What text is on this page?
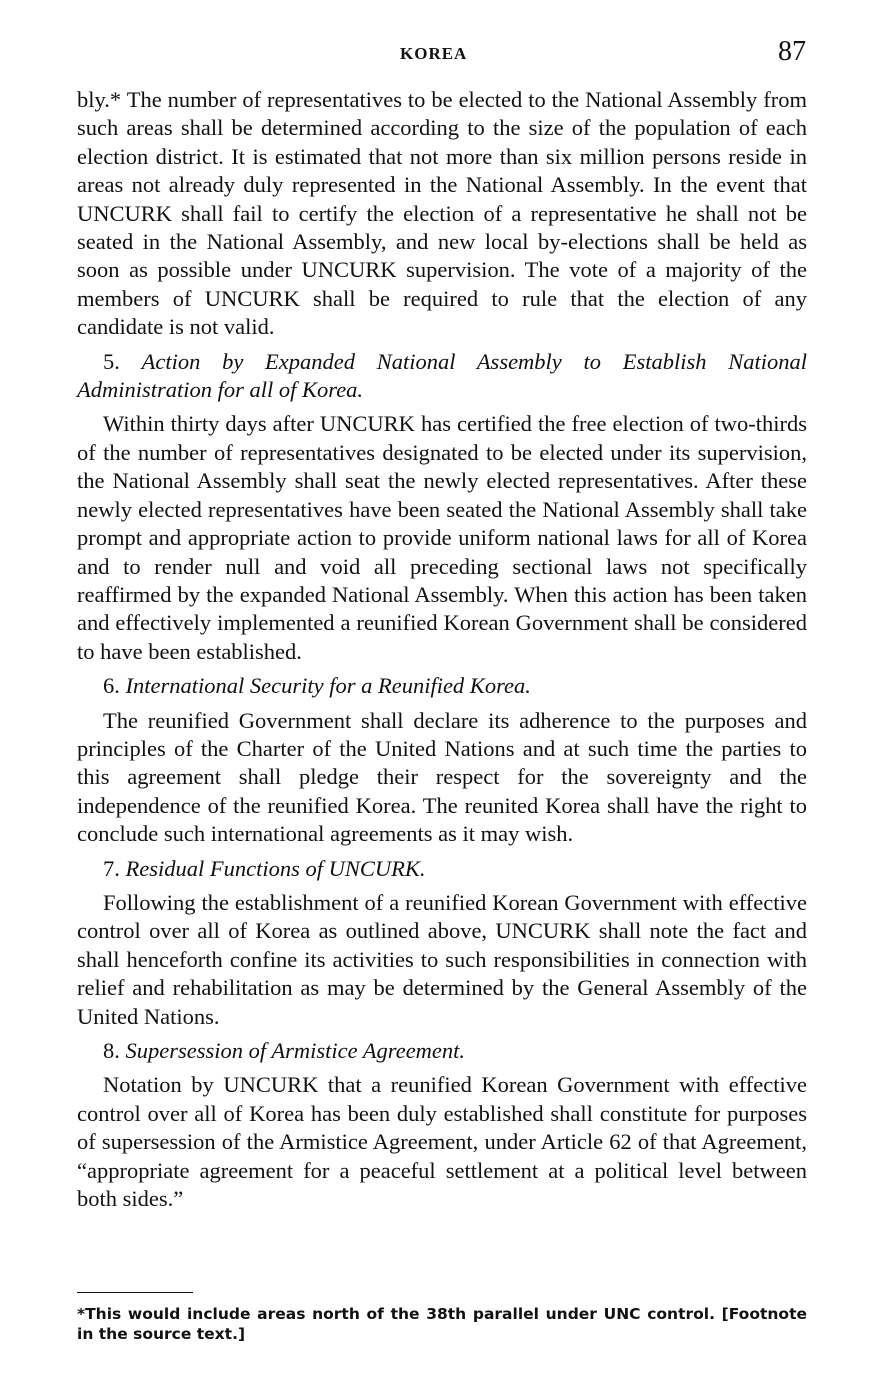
KOREA	87

bly.* The number of representatives to be elected to the National Assembly from such areas shall be determined according to the size of the population of each election district. It is estimated that not more than six million persons reside in areas not already duly represented in the National Assembly. In the event that UNCURK shall fail to certify the election of a representative he shall not be seated in the National Assembly, and new local by-elections shall be held as soon as possible under UNCURK supervision. The vote of a majority of the members of UNCURK shall be required to rule that the election of any candidate is not valid.

5. Action by Expanded National Assembly to Establish National Administration for all of Korea.

Within thirty days after UNCURK has certified the free election of two-thirds of the number of representatives designated to be elected under its supervision, the National Assembly shall seat the newly elected representatives. After these newly elected representatives have been seated the National Assembly shall take prompt and appropriate action to provide uniform national laws for all of Korea and to render null and void all preceding sectional laws not specifically reaffirmed by the expanded National Assembly. When this action has been taken and effectively implemented a reunified Korean Government shall be considered to have been established.

6. International Security for a Reunified Korea.

The reunified Government shall declare its adherence to the purposes and principles of the Charter of the United Nations and at such time the parties to this agreement shall pledge their respect for the sovereignty and the independence of the reunified Korea. The reunited Korea shall have the right to conclude such international agreements as it may wish.

7. Residual Functions of UNCURK.

Following the establishment of a reunified Korean Government with effective control over all of Korea as outlined above, UNCURK shall note the fact and shall henceforth confine its activities to such responsibilities in connection with relief and rehabilitation as may be determined by the General Assembly of the United Nations.

8. Supersession of Armistice Agreement.

Notation by UNCURK that a reunified Korean Government with effective control over all of Korea has been duly established shall constitute for purposes of supersession of the Armistice Agreement, under Article 62 of that Agreement, “appropriate agreement for a peaceful settlement at a political level between both sides.”

*This would include areas north of the 38th parallel under UNC control. [Footnote in the source text.]
